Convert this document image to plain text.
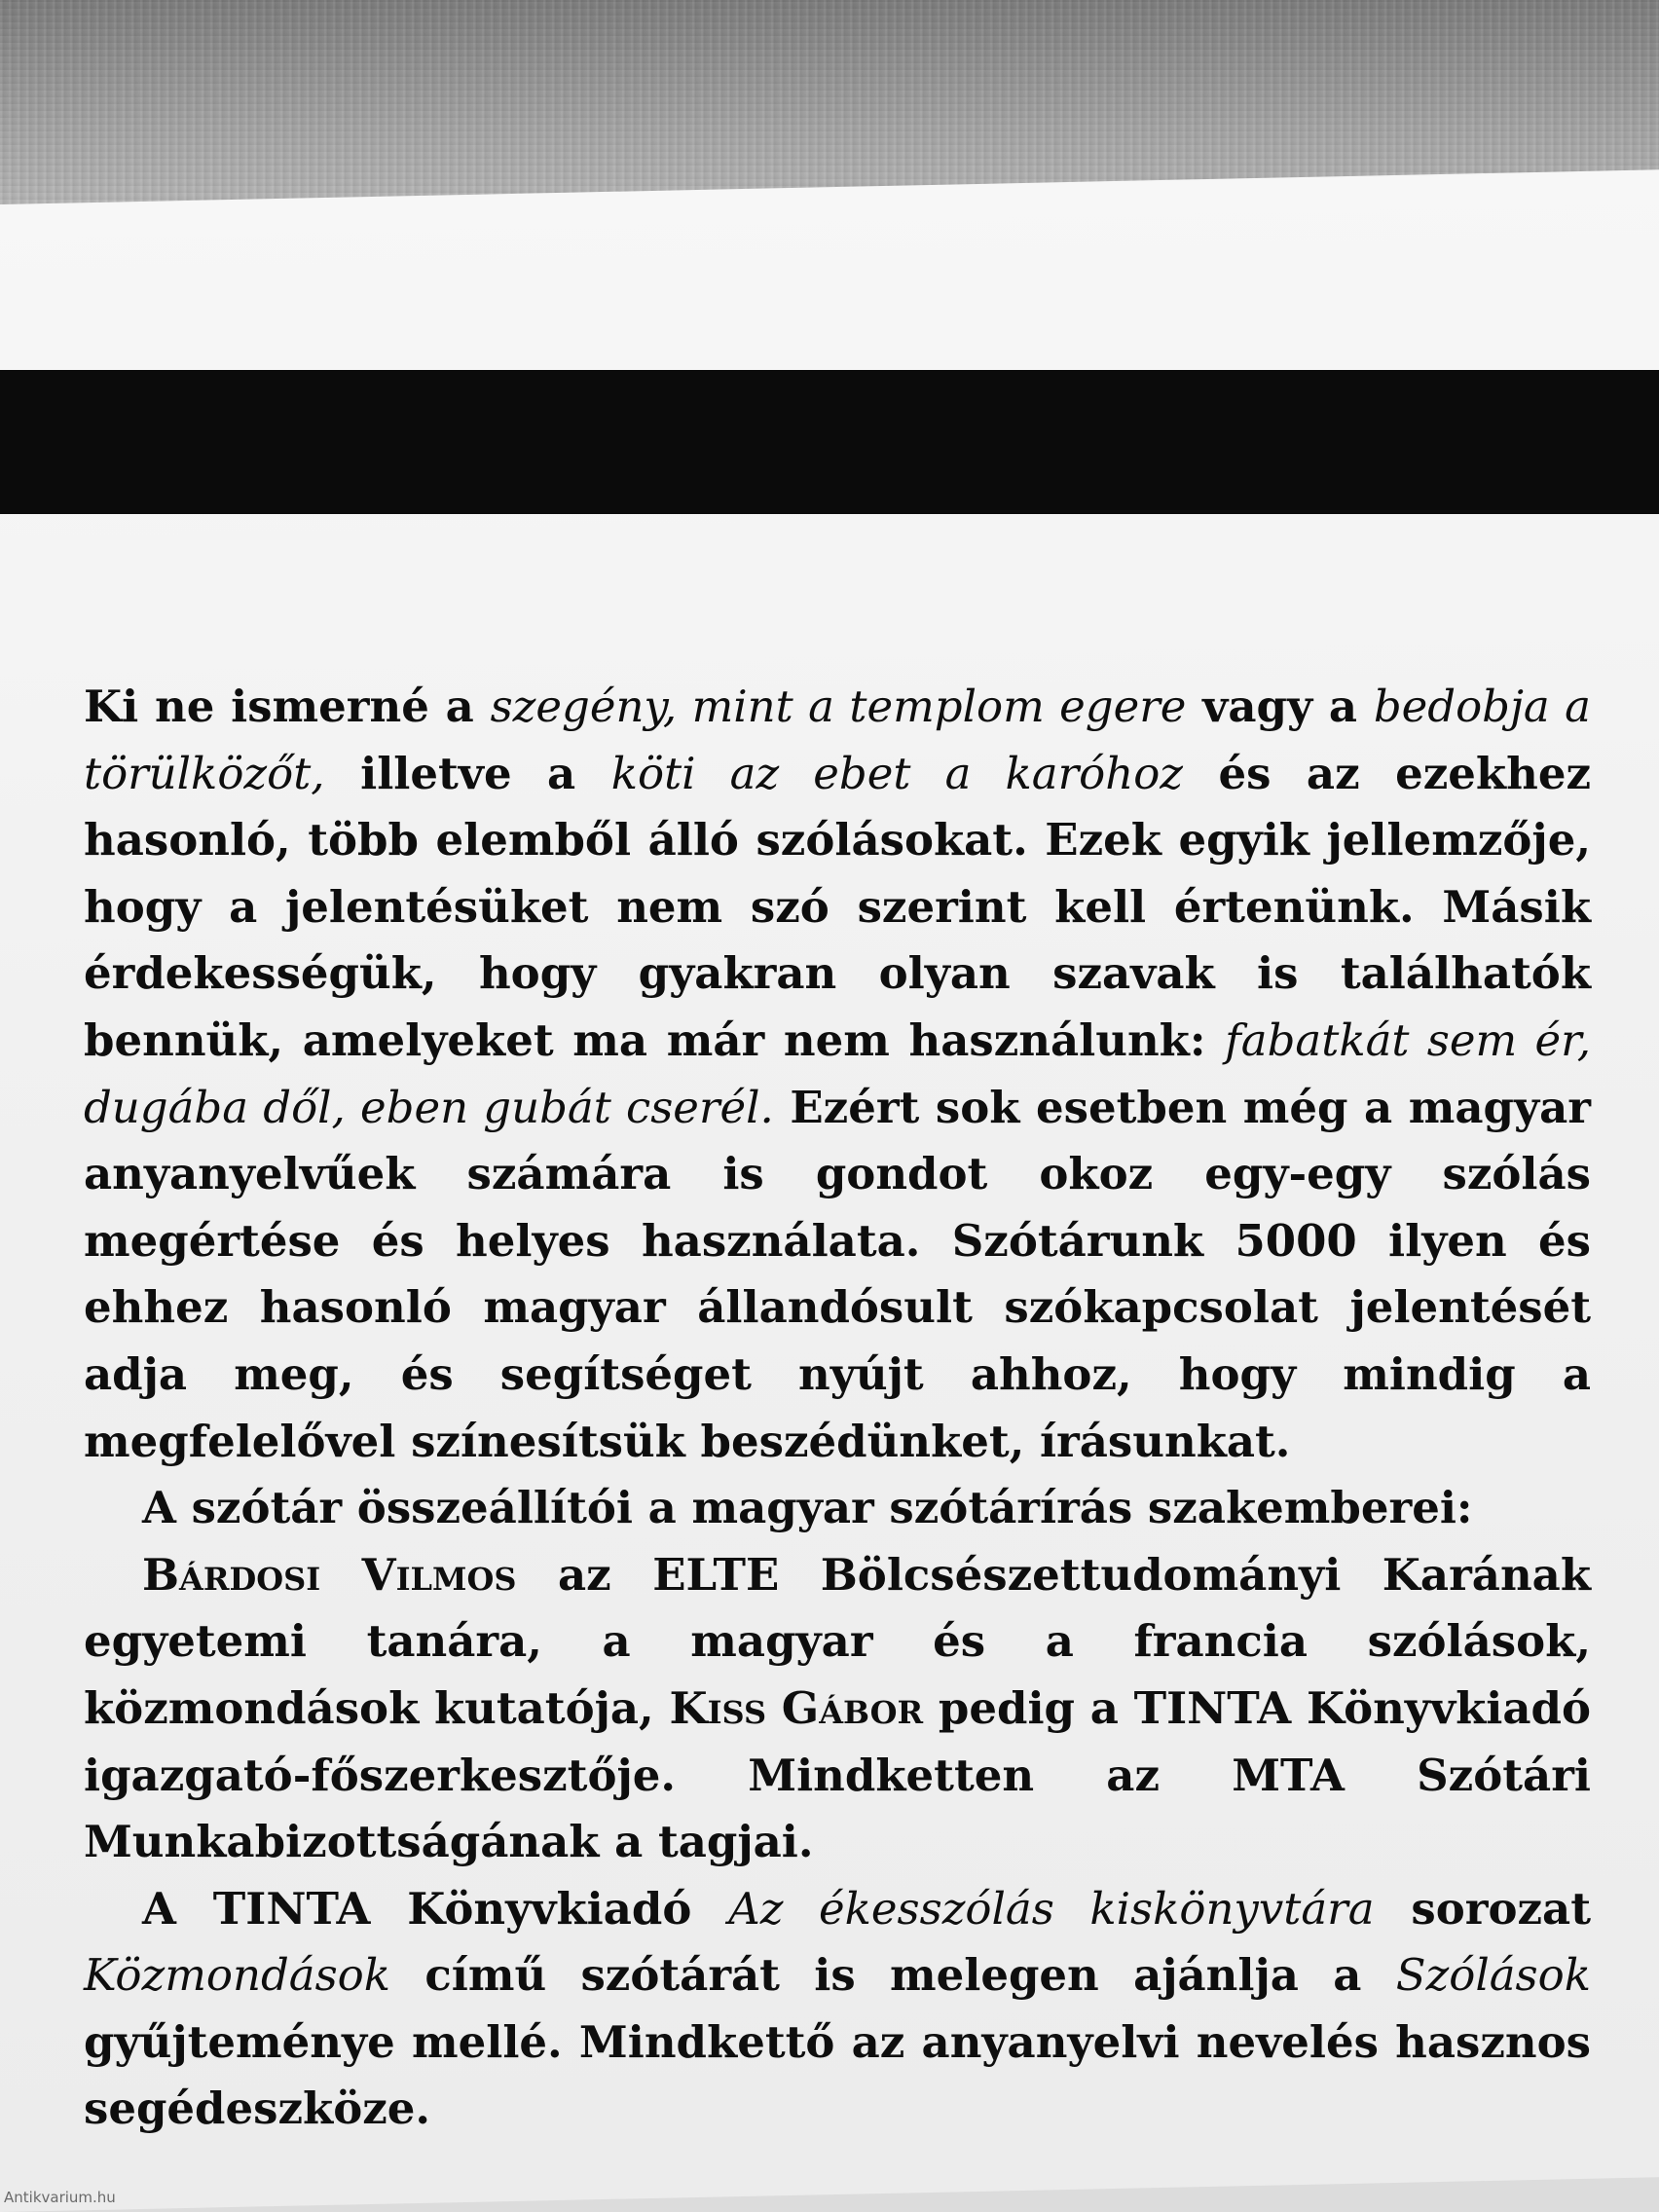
Ki ne ismerné a szegény, mint a templom egere vagy a bedobja a törülközőt, illetve a köti az ebet a karóhoz és az ezekhez hasonló, több elemből álló szólásokat. Ezek egyik jellemzője, hogy a jelentésüket nem szó szerint kell értenünk. Másik érdekességük, hogy gyakran olyan szavak is találhatók bennük, amelyeket ma már nem használunk: fabatkát sem ér, dugába dől, eben gubát cserél. Ezért sok esetben még a magyar anyanyelvűek számára is gondot okoz egy-egy szólás megértése és helyes használata. Szótárunk 5000 ilyen és ehhez hasonló magyar állandósult szókapcsolat jelentését adja meg, és segítséget nyújt ahhoz, hogy mindig a megfelelővel színesítsük beszédünket, írásunkat.

A szótár összeállítói a magyar szótárírás szakemberei:

Bárdosi Vilmos az ELTE Bölcsészettudományi Karának egyetemi tanára, a magyar és a francia szólások, közmondások kutatója, Kiss Gábor pedig a TINTA Könyvkiadó igazgató-főszerkesztője. Mindketten az MTA Szótári Munkabizottságának a tagjai.

A TINTA Könyvkiadó Az ékesszólás kiskönyvtára sorozat Közmondások című szótárát is melegen ajánlja a Szólások gyűjteménye mellé. Mindkettő az anyanyelvi nevelés hasznos segédeszköze.

Antikvarium.hu
